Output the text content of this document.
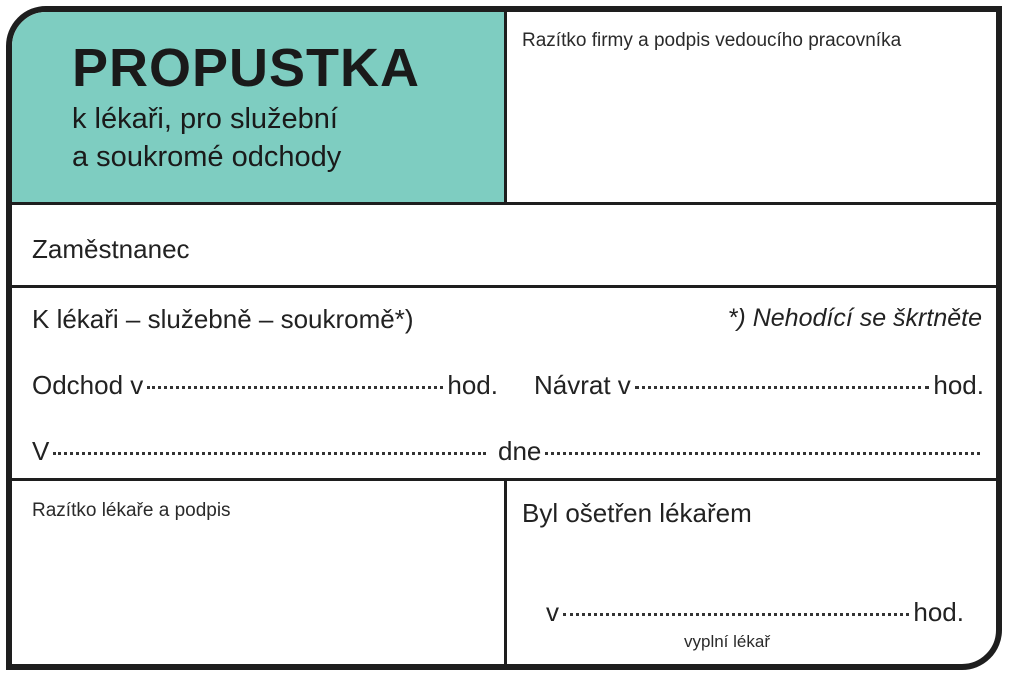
PROPUSTKA
k lékaři, pro služební
a soukromé odchody
Razítko firmy a podpis vedoucího pracovníka
Zaměstnanec
K lékaři – služebně – soukromě*)	*) Nehodící se škrtněte
Odchod v	hod. Návrat v	hod.
V	dne
Razítko lékaře a podpis	Byl ošetřen lékařem
v	hod.
vyplní lékař
